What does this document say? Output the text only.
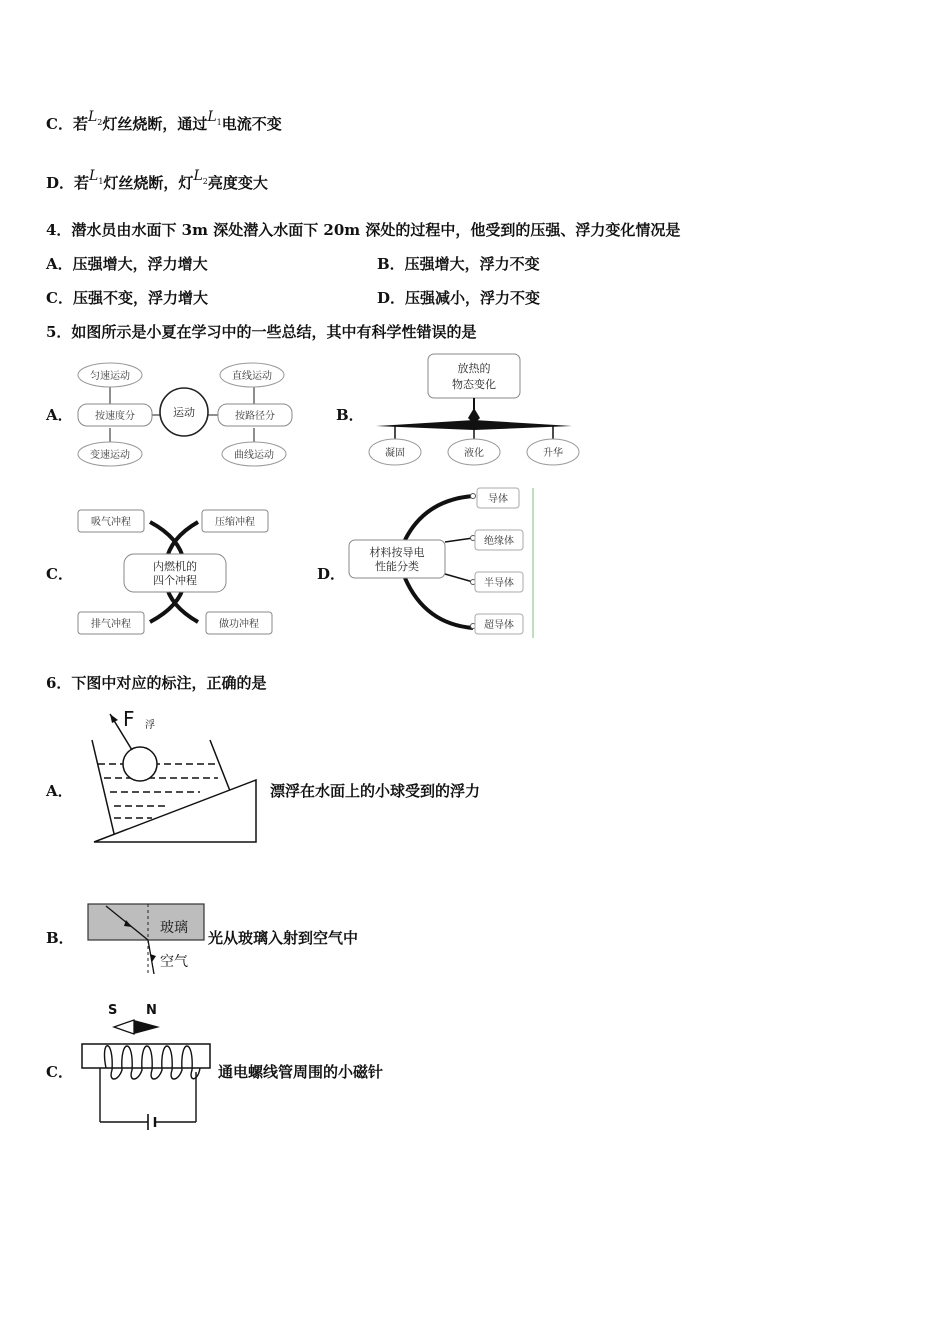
C．若$L_2$灯丝烧断，通过$L_1$电流不变
D．若$L_1$灯丝烧断，灯$L_2$亮度变大
4．潜水员由水面下 3m 深处潜入水面下 20m 深处的过程中，他受到的压强、浮力变化情况是
A．压强增大，浮力增大	B．压强增大，浮力不变
C．压强不变，浮力增大	D．压强减小，浮力不变
5．如图所示是小夏在学习中的一些总结，其中有科学性错误的是
A．	B．
C．	D．
匀速运动
按速度分
变速运动
运动
直线运动
按路径分
曲线运动
放热的
物态变化
凝固	液化	升华
吸气冲程	压缩冲程
内燃机的
四个冲程
排气冲程	做功冲程
材料按导电
性能分类
导体
绝缘体
半导体
超导体
6．下图中对应的标注，正确的是
A．
F 浮
漂浮在水面上的小球受到的浮力
B．
玻璃
空气
光从玻璃入射到空气中
C．
S N
通电螺线管周围的小磁针
